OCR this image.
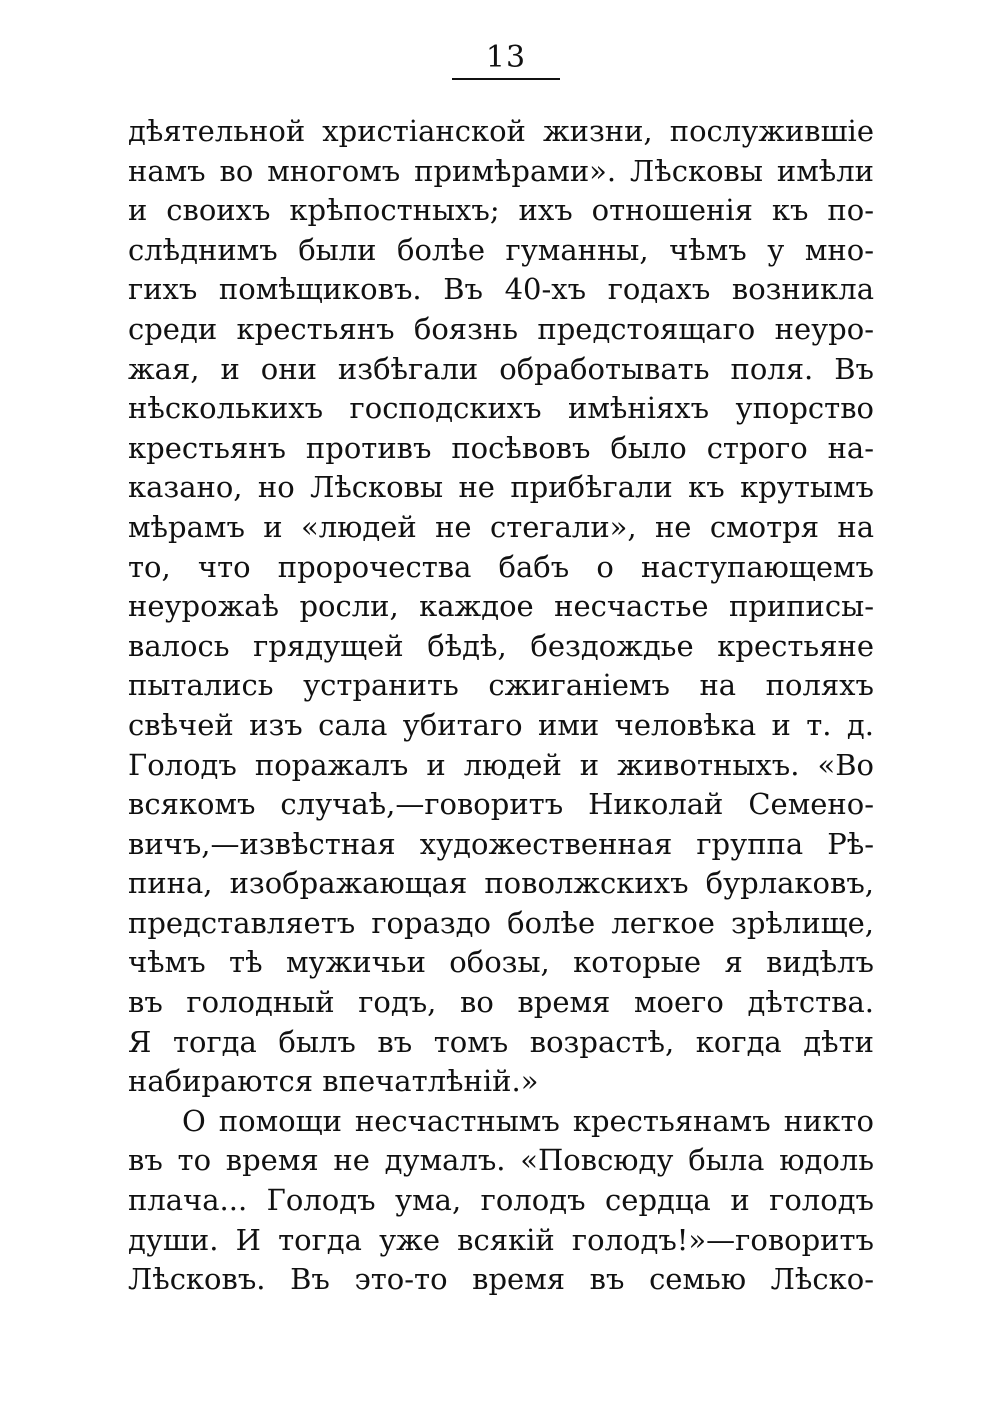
13
дѣятельной христіанской жизни, послужившіе
намъ во многомъ примѣрами». Лѣсковы имѣли
и своихъ крѣпостныхъ; ихъ отношенія къ по-
слѣднимъ были болѣе гуманны, чѣмъ у мно-
гихъ помѣщиковъ. Въ 40-хъ годахъ возникла
среди крестьянъ боязнь предстоящаго неуро-
жая, и они избѣгали обработывать поля. Въ
нѣсколькихъ господскихъ имѣніяхъ упорство
крестьянъ противъ посѣвовъ было строго на-
казано, но Лѣсковы не прибѣгали къ крутымъ
мѣрамъ и «людей не стегали», не смотря на
то, что пророчества бабъ о наступающемъ
неурожаѣ росли, каждое несчастье приписы-
валось грядущей бѣдѣ, бездождье крестьяне
пытались устранить сжиганіемъ на поляхъ
свѣчей изъ сала убитаго ими человѣка и т. д.
Голодъ поражалъ и людей и животныхъ. «Во
всякомъ случаѣ,—говоритъ Николай Семено-
вичъ,—извѣстная художественная группа Рѣ-
пина, изображающая поволжскихъ бурлаковъ,
представляетъ гораздо болѣе легкое зрѣлище,
чѣмъ тѣ мужичьи обозы, которые я видѣлъ
въ голодный годъ, во время моего дѣтства.
Я тогда былъ въ томъ возрастѣ, когда дѣти
набираются впечатлѣній.»
О помощи несчастнымъ крестьянамъ никто
въ то время не думалъ. «Повсюду была юдоль
плача... Голодъ ума, голодъ сердца и голодъ
души. И тогда уже всякій голодъ!»—говоритъ
Лѣсковъ. Въ это-то время въ семью Лѣско-
